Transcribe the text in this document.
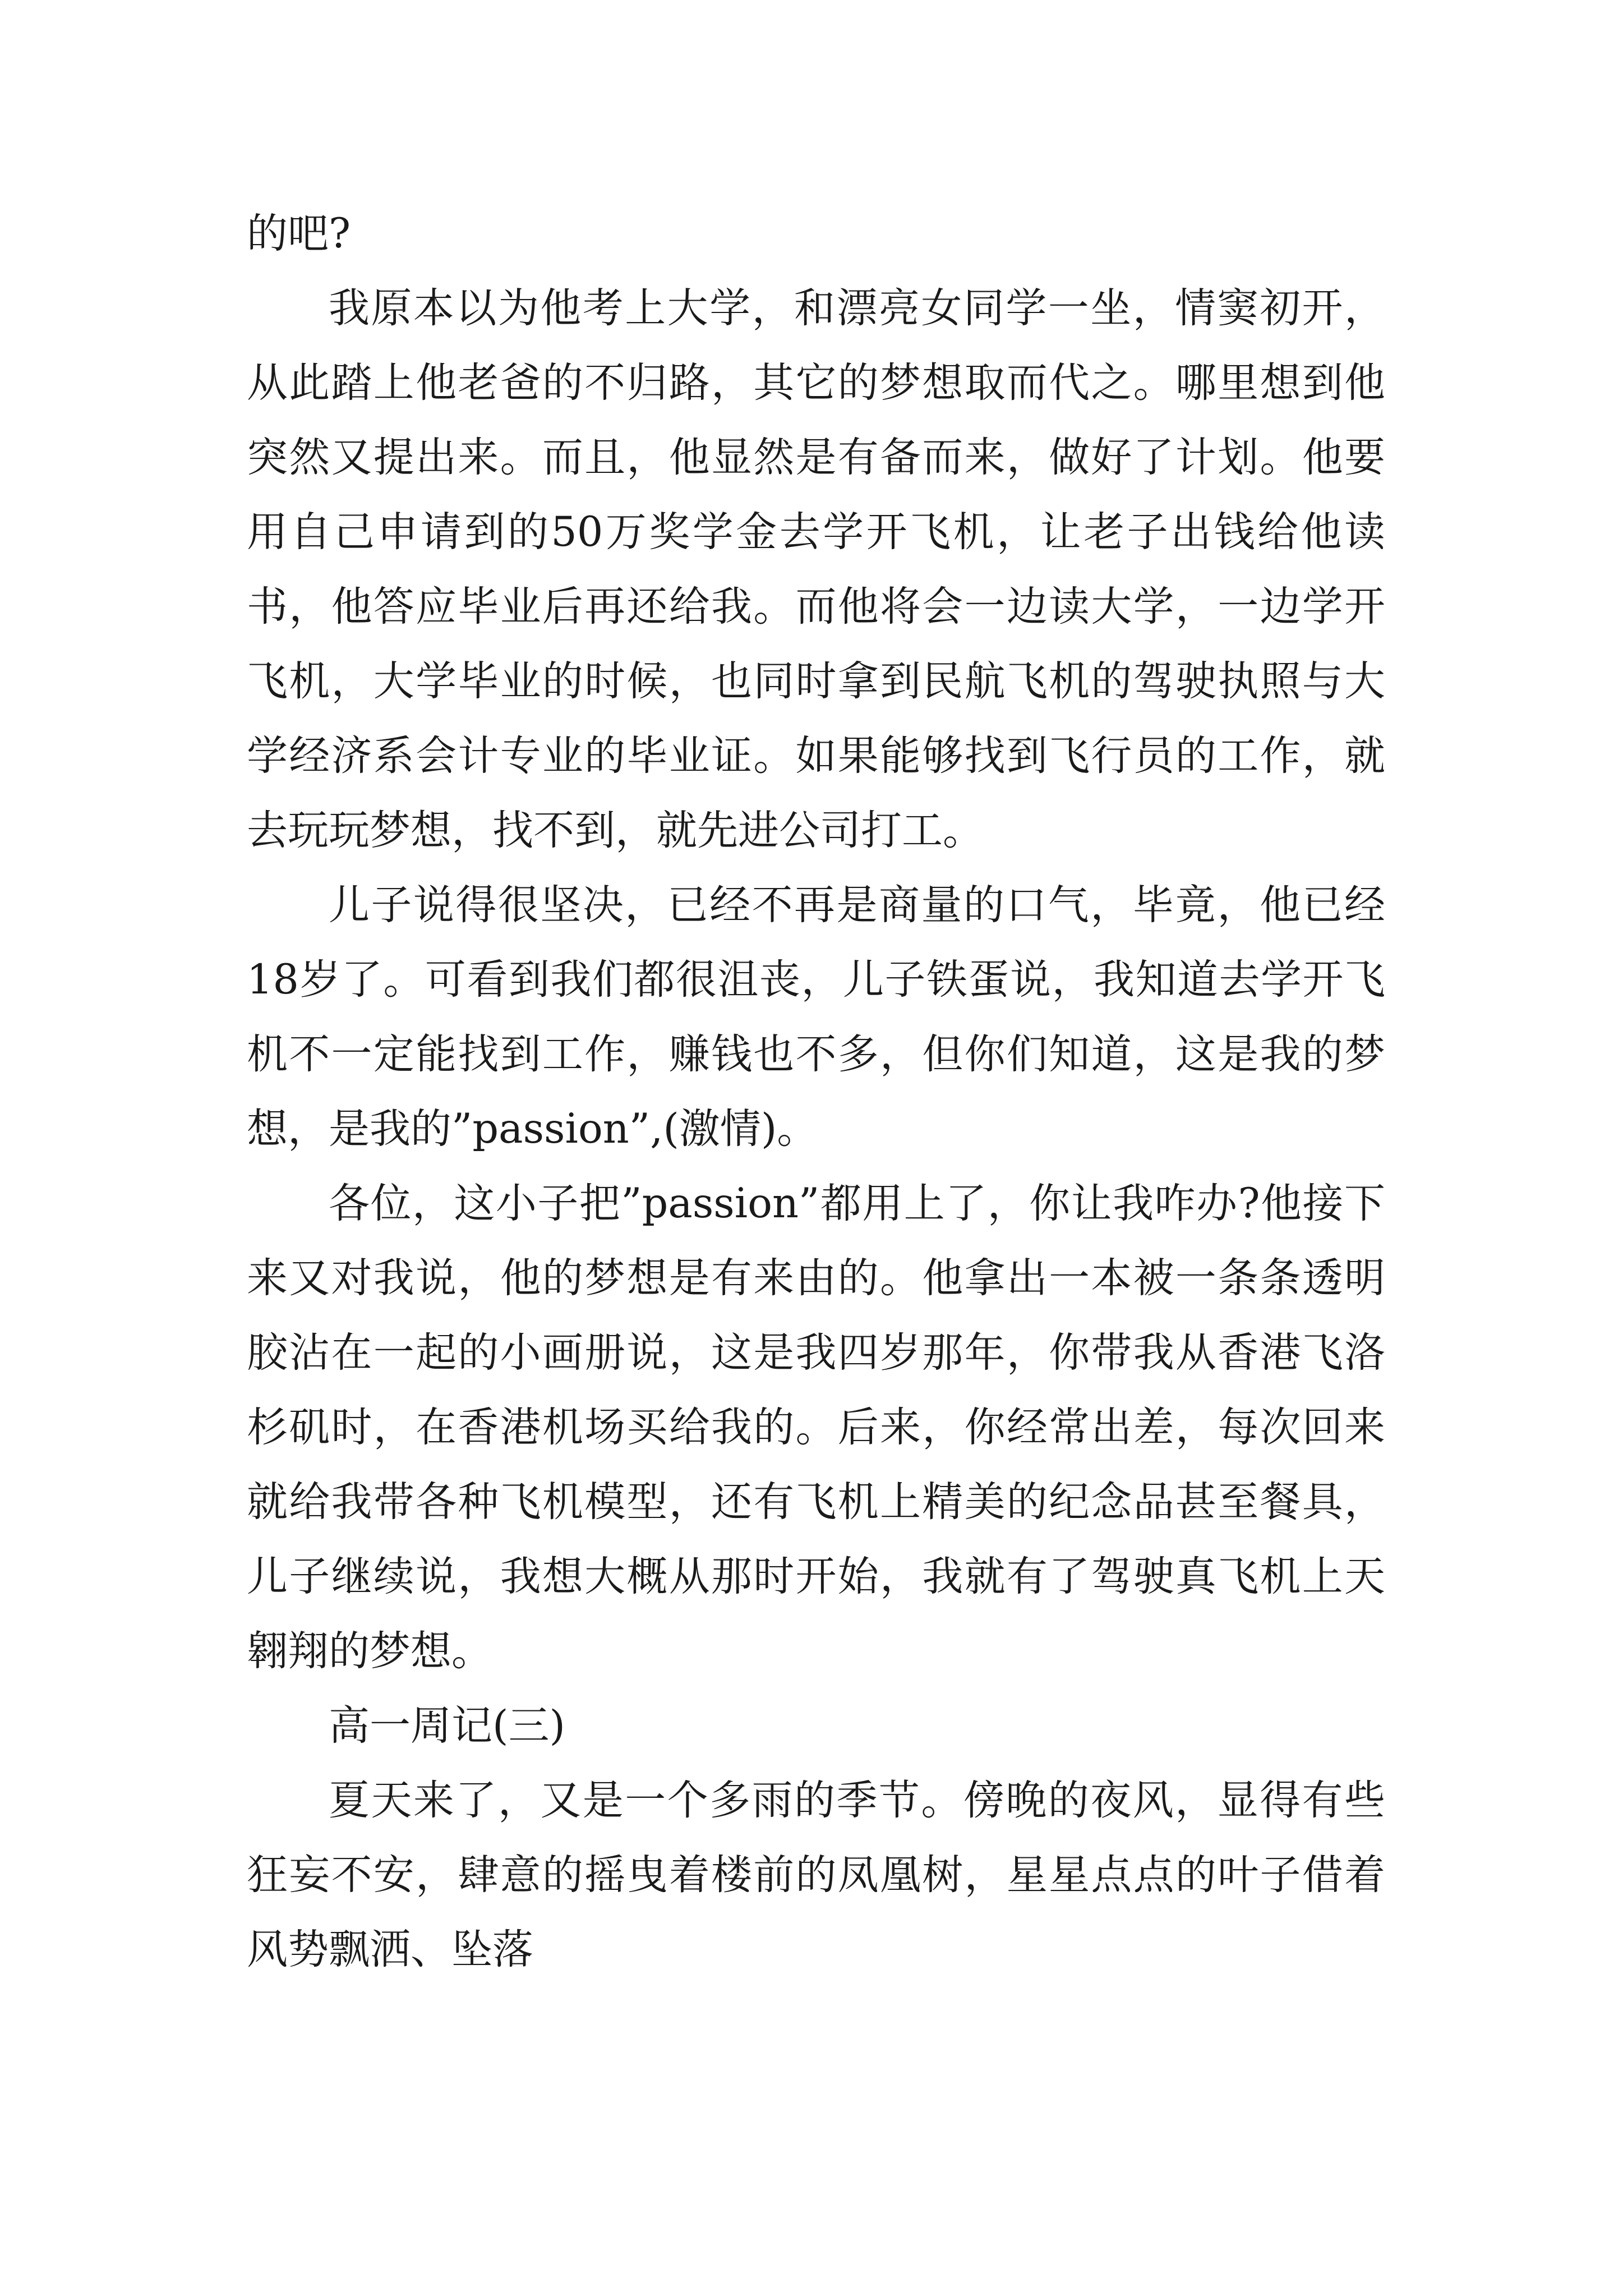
的吧?

我原本以为他考上大学，和漂亮女同学一坐，情窦初开，从此踏上他老爸的不归路，其它的梦想取而代之。哪里想到他突然又提出来。而且，他显然是有备而来，做好了计划。他要用自己申请到的50万奖学金去学开飞机，让老子出钱给他读书，他答应毕业后再还给我。而他将会一边读大学，一边学开飞机，大学毕业的时候，也同时拿到民航飞机的驾驶执照与大学经济系会计专业的毕业证。如果能够找到飞行员的工作，就去玩玩梦想，找不到，就先进公司打工。

儿子说得很坚决，已经不再是商量的口气，毕竟，他已经18岁了。可看到我们都很沮丧，儿子铁蛋说，我知道去学开飞机不一定能找到工作，赚钱也不多，但你们知道，这是我的梦想，是我的”passion”,(激情)。

各位，这小子把”passion”都用上了，你让我咋办?他接下来又对我说，他的梦想是有来由的。他拿出一本被一条条透明胶沾在一起的小画册说，这是我四岁那年，你带我从香港飞洛杉矶时，在香港机场买给我的。后来，你经常出差，每次回来就给我带各种飞机模型，还有飞机上精美的纪念品甚至餐具，儿子继续说，我想大概从那时开始，我就有了驾驶真飞机上天翱翔的梦想。

高一周记(三)

夏天来了，又是一个多雨的季节。傍晚的夜风，显得有些狂妄不安，肆意的摇曳着楼前的凤凰树，星星点点的叶子借着风势飘洒、坠落
